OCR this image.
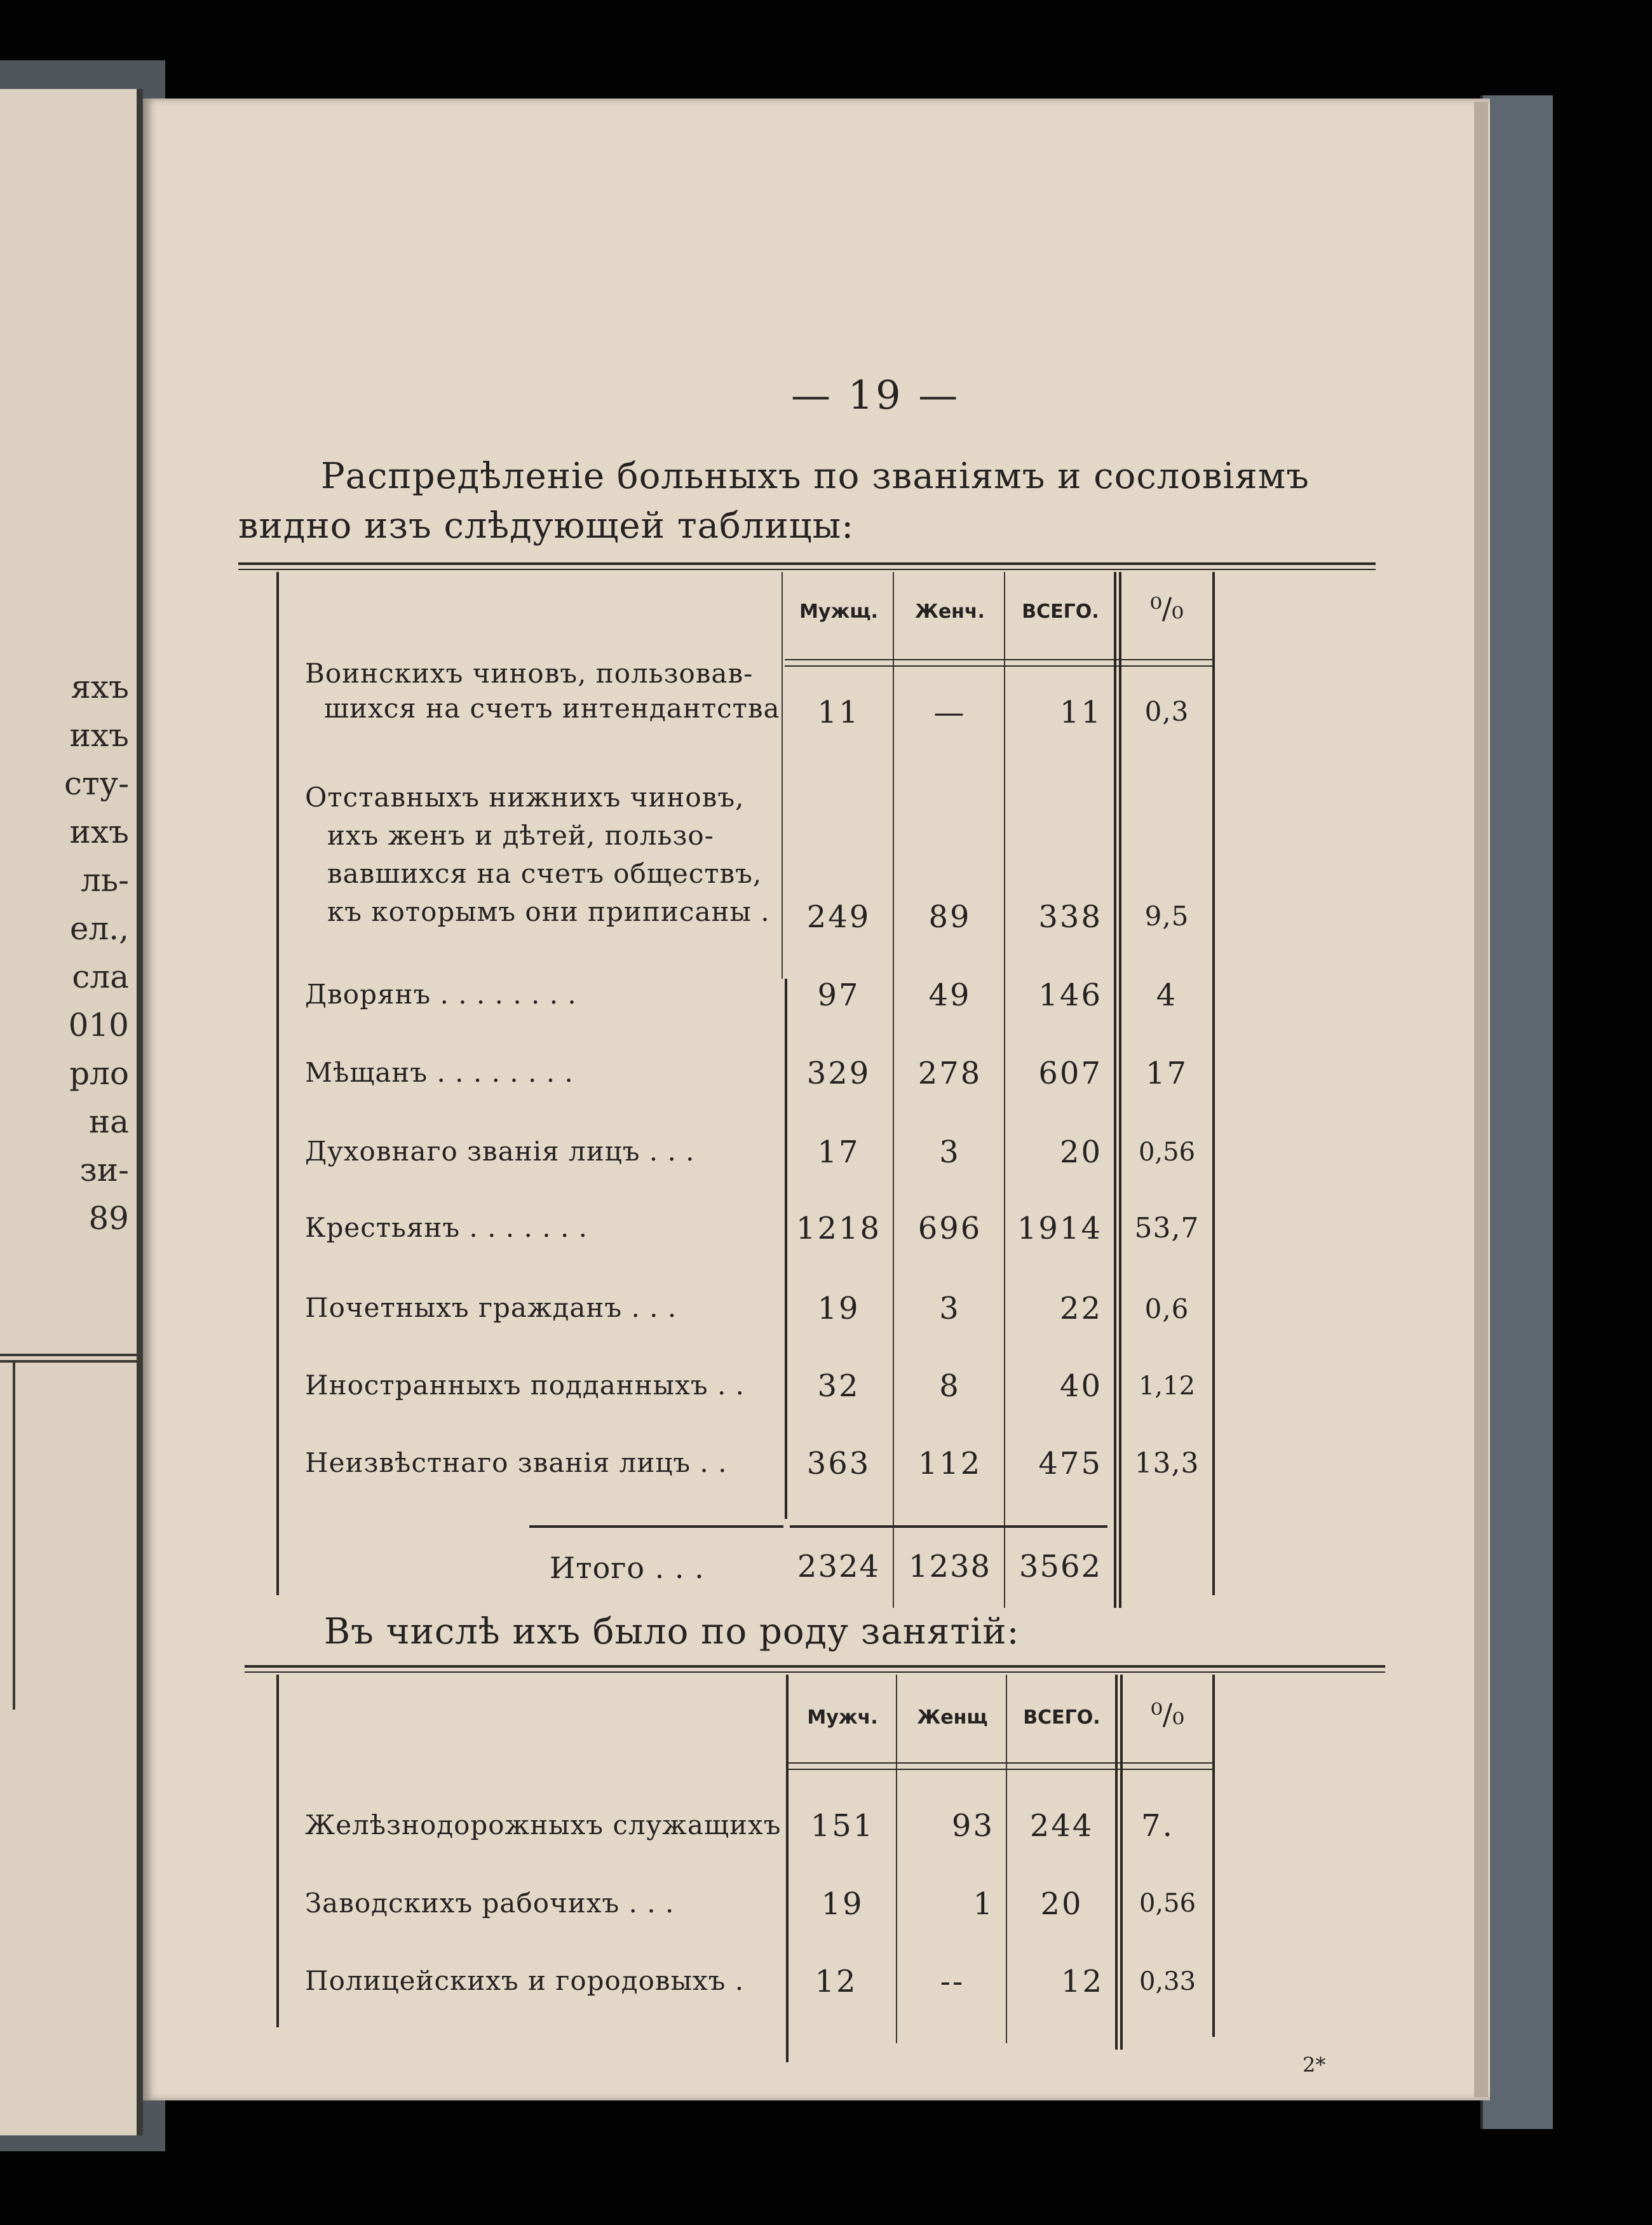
яхъ
ихъ
сту-
ихъ
ль-
ел.,
сла
010
рло
на
зи-
89
— 19 —
Распредѣленіе больныхъ по званіямъ и сословіямъ
видно изъ слѣдующей таблицы:
Мужщ.	Женч.	ВСЕГО.	⁰/₀
Воинскихъ чиновъ, пользовав-
шихся на счетъ интендантства	11	—	11	0,3
Отставныхъ нижнихъ чиновъ,
ихъ женъ и дѣтей, пользо-
вавшихся на счетъ обществъ,
къ которымъ они приписаны .	249	89	338	9,5
Дворянъ . . . . . . . .	97	49	146	4
Мѣщанъ . . . . . . . .	329	278	607	17
Духовнаго званія лицъ . . .	17	3	20	0,56
Крестьянъ . . . . . . .	1218	696	1914	53,7
Почетныхъ гражданъ . . .	19	3	22	0,6
Иностранныхъ подданныхъ . .	32	8	40	1,12
Неизвѣстнаго званія лицъ . .	363	112	475	13,3
Итого . . .	2324 1238 3562
Въ числѣ ихъ было по роду занятій:
Мужч.	Женщ	ВСЕГО.	⁰/₀
Желѣзнодорожныхъ служащихъ 151	93	244	7.
Заводскихъ рабочихъ . . .	19	1	20	0,56
Полицейскихъ и городовыхъ .	12	--	12	0,33
2*
